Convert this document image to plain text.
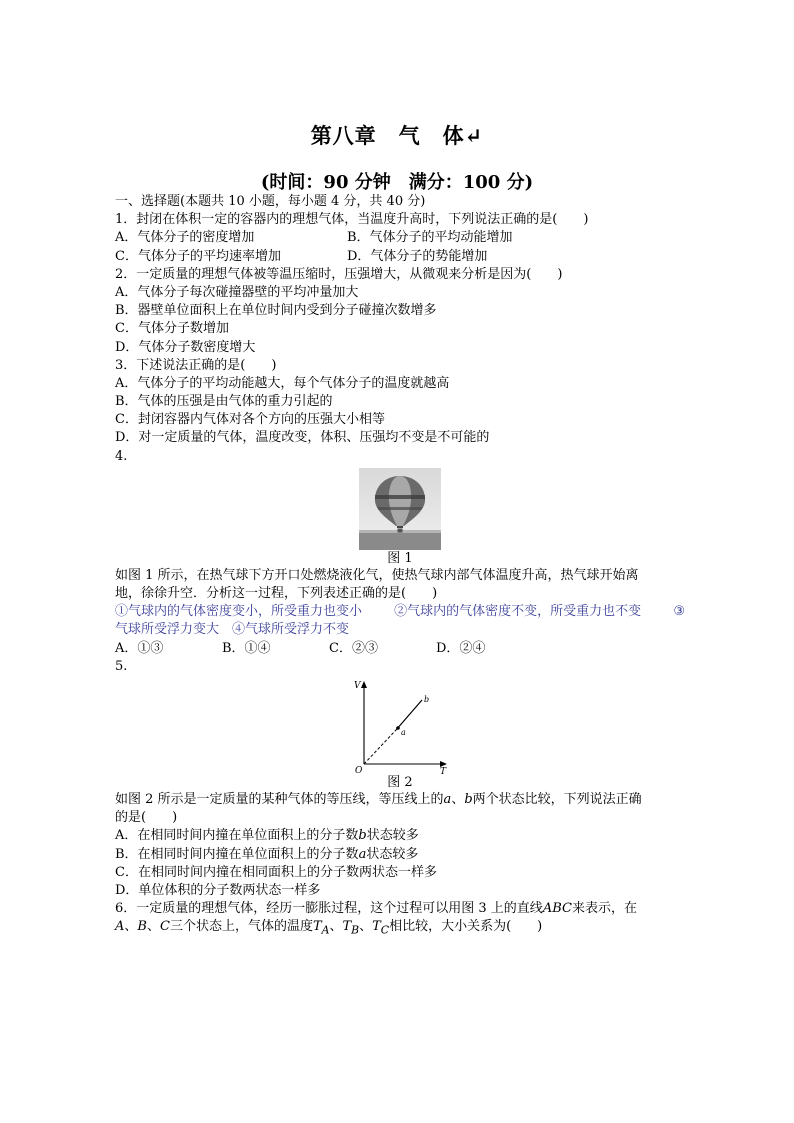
第八章　气　体↵
(时间：90 分钟　满分：100 分)
一、选择题(本题共 10 小题，每小题 4 分，共 40 分)
1．封闭在体积一定的容器内的理想气体，当温度升高时，下列说法正确的是(　　)
A．气体分子的密度增加	B．气体分子的平均动能增加
C．气体分子的平均速率增加	D．气体分子的势能增加
2．一定质量的理想气体被等温压缩时，压强增大，从微观来分析是因为(　　)
A．气体分子每次碰撞器壁的平均冲量加大
B．器壁单位面积上在单位时间内受到分子碰撞次数增多
C．气体分子数增加
D．气体分子数密度增大
3．下述说法正确的是(　　)
A．气体分子的平均动能越大，每个气体分子的温度就越高
B．气体的压强是由气体的重力引起的
C．封闭容器内气体对各个方向的压强大小相等
D．对一定质量的气体，温度改变，体积、压强均不变是不可能的
4.
图 1
如图 1 所示，在热气球下方开口处燃烧液化气，使热气球内部气体温度升高，热气球开始离
地，徐徐升空．分析这一过程，下列表述正确的是(　　)
①气球内的气体密度变小，所受重力也变小 ②气球内的气体密度不变，所受重力也不变 ③
气球所受浮力变大　 ④气球所受浮力不变
A．①③	B．①④	C．②③	D．②④
5.
V
T
O
a
b
图 2
如图 2 所示是一定质量的某种气体的等压线，等压线上的a、b两个状态比较，下列说法正确
的是(　　)
A．在相同时间内撞在单位面积上的分子数b状态较多
B．在相同时间内撞在单位面积上的分子数a状态较多
C．在相同时间内撞在相同面积上的分子数两状态一样多
D．单位体积的分子数两状态一样多
6．一定质量的理想气体，经历一膨胀过程，这个过程可以用图 3 上的直线ABC来表示，在
A、B、C三个状态上，气体的温度$T_A$、$T_B$、$T_C$相比较，大小关系为(　　)
